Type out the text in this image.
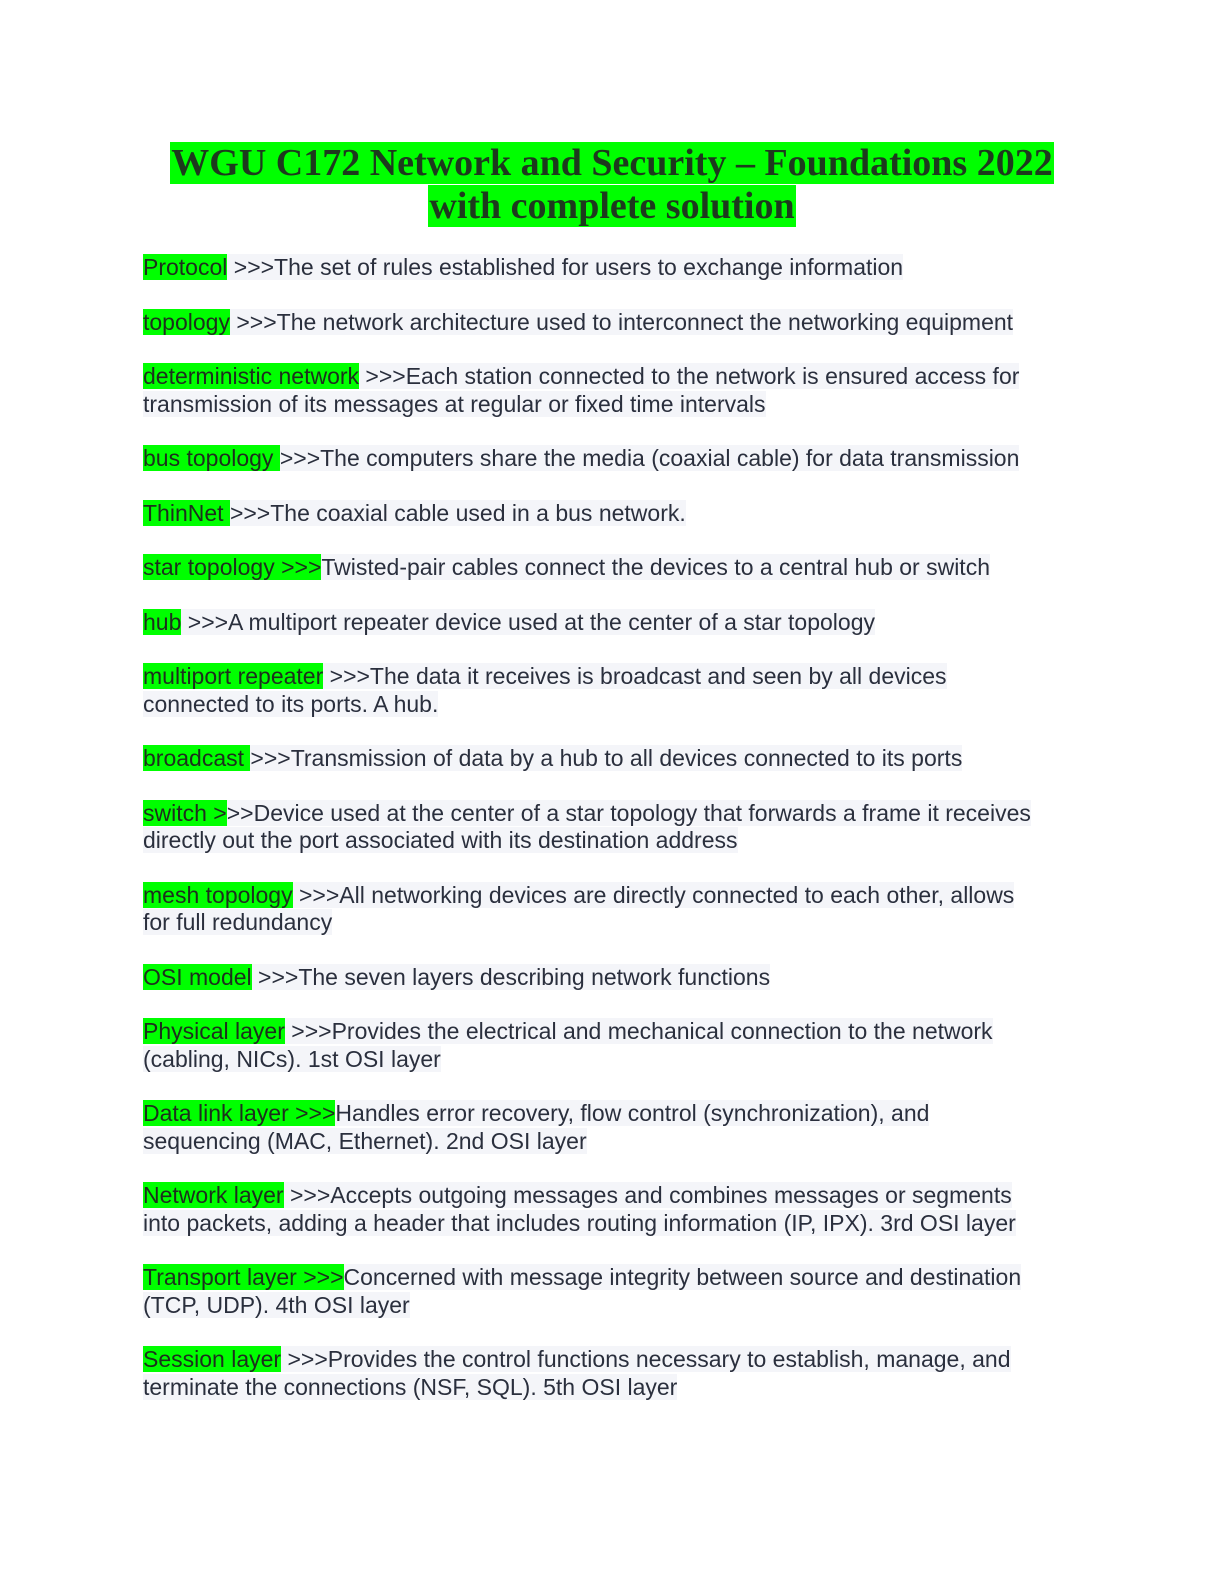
WGU C172 Network and Security – Foundations 2022
with complete solution
Protocol >>>The set of rules established for users to exchange information
topology >>>The network architecture used to interconnect the networking equipment
deterministic network >>>Each station connected to the network is ensured access for
transmission of its messages at regular or fixed time intervals
bus topology >>>The computers share the media (coaxial cable) for data transmission
ThinNet >>>The coaxial cable used in a bus network.
star topology >>>Twisted-pair cables connect the devices to a central hub or switch
hub >>>A multiport repeater device used at the center of a star topology
multiport repeater >>>The data it receives is broadcast and seen by all devices
connected to its ports. A hub.
broadcast >>>Transmission of data by a hub to all devices connected to its ports
switch >>>Device used at the center of a star topology that forwards a frame it receives
directly out the port associated with its destination address
mesh topology >>>All networking devices are directly connected to each other, allows
for full redundancy
OSI model >>>The seven layers describing network functions
Physical layer >>>Provides the electrical and mechanical connection to the network
(cabling, NICs). 1st OSI layer
Data link layer >>>Handles error recovery, flow control (synchronization), and
sequencing (MAC, Ethernet). 2nd OSI layer
Network layer >>>Accepts outgoing messages and combines messages or segments
into packets, adding a header that includes routing information (IP, IPX). 3rd OSI layer
Transport layer >>>Concerned with message integrity between source and destination
(TCP, UDP). 4th OSI layer
Session layer >>>Provides the control functions necessary to establish, manage, and
terminate the connections (NSF, SQL). 5th OSI layer
